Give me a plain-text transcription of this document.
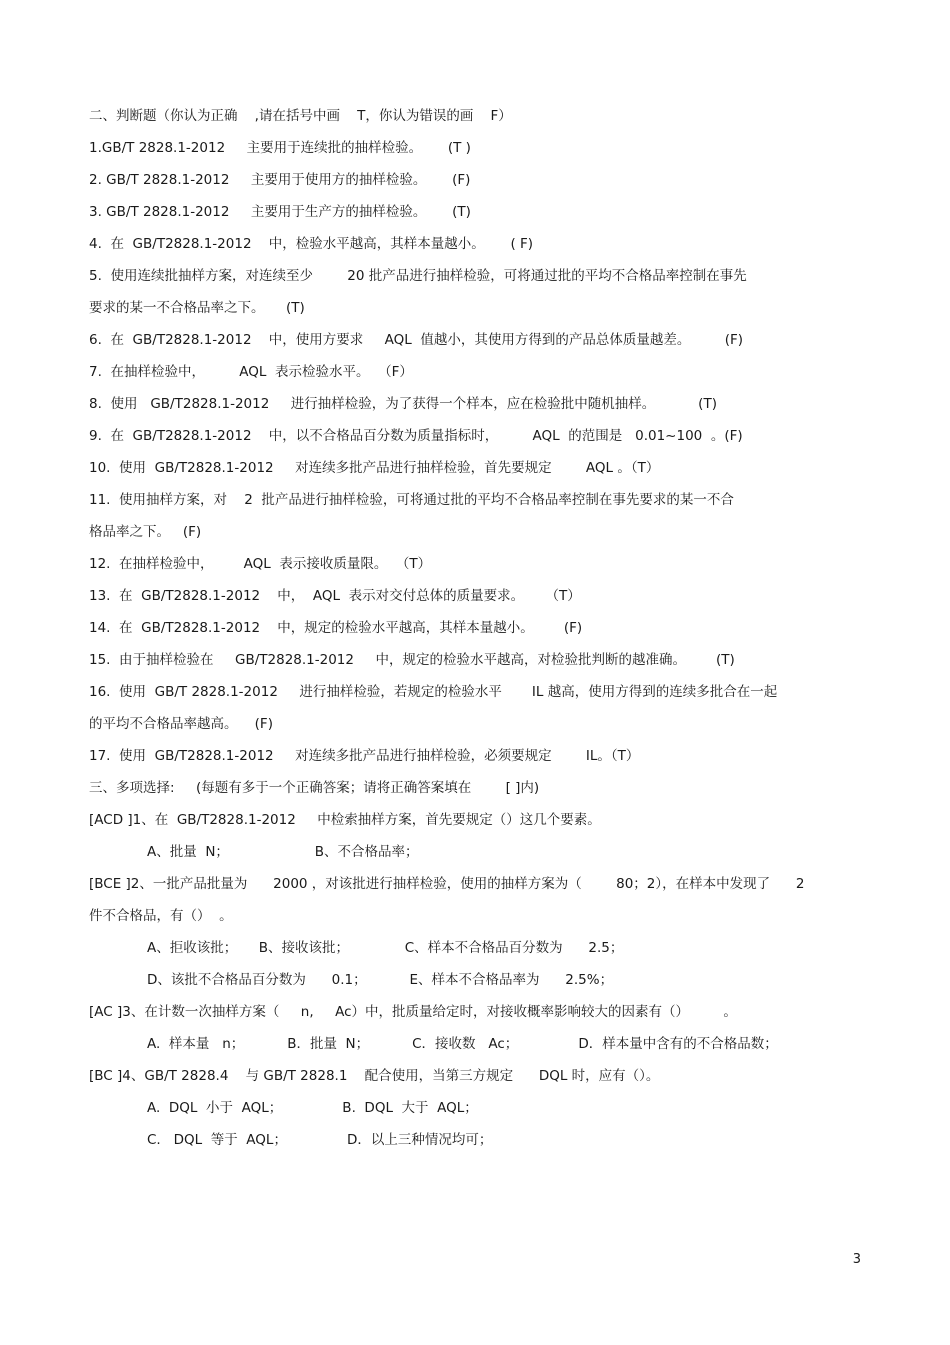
二、判断题（你认为正确    ,请在括号中画    T，你认为错误的画    F）
1.GB/T 2828.1-2012     主要用于连续批的抽样检验。      (T )
2. GB/T 2828.1-2012     主要用于使用方的抽样检验。      (F)
3. GB/T 2828.1-2012     主要用于生产方的抽样检验。      (T)
4.  在  GB/T2828.1-2012    中，检验水平越高，其样本量越小。      ( F)
5.  使用连续批抽样方案，对连续至少        20 批产品进行抽样检验，可将通过批的平均不合格品率控制在事先
要求的某一不合格品率之下。     (T)
6.  在  GB/T2828.1-2012    中，使用方要求     AQL  值越小，其使用方得到的产品总体质量越差。        (F)
7.  在抽样检验中，        AQL  表示检验水平。  （F）
8.  使用   GB/T2828.1-2012     进行抽样检验，为了获得一个样本，应在检验批中随机抽样。          (T)
9.  在  GB/T2828.1-2012    中，以不合格品百分数为质量指标时，        AQL  的范围是   0.01~100  。(F)
10.  使用  GB/T2828.1-2012     对连续多批产品进行抽样检验，首先要规定        AQL 。（T）
11.  使用抽样方案，对    2  批产品进行抽样检验，可将通过批的平均不合格品率控制在事先要求的某一不合
格品率之下。   (F)
12.  在抽样检验中，       AQL  表示接收质量限。  （T）
13.  在  GB/T2828.1-2012    中，  AQL  表示对交付总体的质量要求。     （T）
14.  在  GB/T2828.1-2012    中，规定的检验水平越高，其样本量越小。       (F)
15.  由于抽样检验在     GB/T2828.1-2012     中，规定的检验水平越高，对检验批判断的越准确。       (T)
16.  使用  GB/T 2828.1-2012     进行抽样检验，若规定的检验水平       IL 越高，使用方得到的连续多批合在一起
的平均不合格品率越高。    (F)
17.  使用  GB/T2828.1-2012     对连续多批产品进行抽样检验，必须要规定        IL。（T）
三、多项选择:     (每题有多于一个正确答案；请将正确答案填在        [ ]内)
[ACD ]1、在  GB/T2828.1-2012     中检索抽样方案，首先要规定（）这几个要素。
A、批量  N；                    B、不合格品率；
[BCE ]2、一批产品批量为      2000 ，对该批进行抽样检验，使用的抽样方案为（        80；2），在样本中发现了      2
件不合格品，有（）  。
A、拒收该批；     B、接收该批；             C、样本不合格品百分数为      2.5；
D、该批不合格品百分数为      0.1；          E、样本不合格品率为      2.5%；
[AC ]3、在计数一次抽样方案（     n,     Ac）中，批质量给定时，对接收概率影响较大的因素有（）        。
A.  样本量   n；          B．批量  N；          C．接收数   Ac；              D．样本量中含有的不合格品数；
[BC ]4、GB/T 2828.4    与 GB/T 2828.1    配合使用，当第三方规定      DQL 时，应有（）。
A.  DQL  小于  AQL；              B.  DQL  大于  AQL；
C.   DQL  等于  AQL；              D．以上三种情况均可；
3
